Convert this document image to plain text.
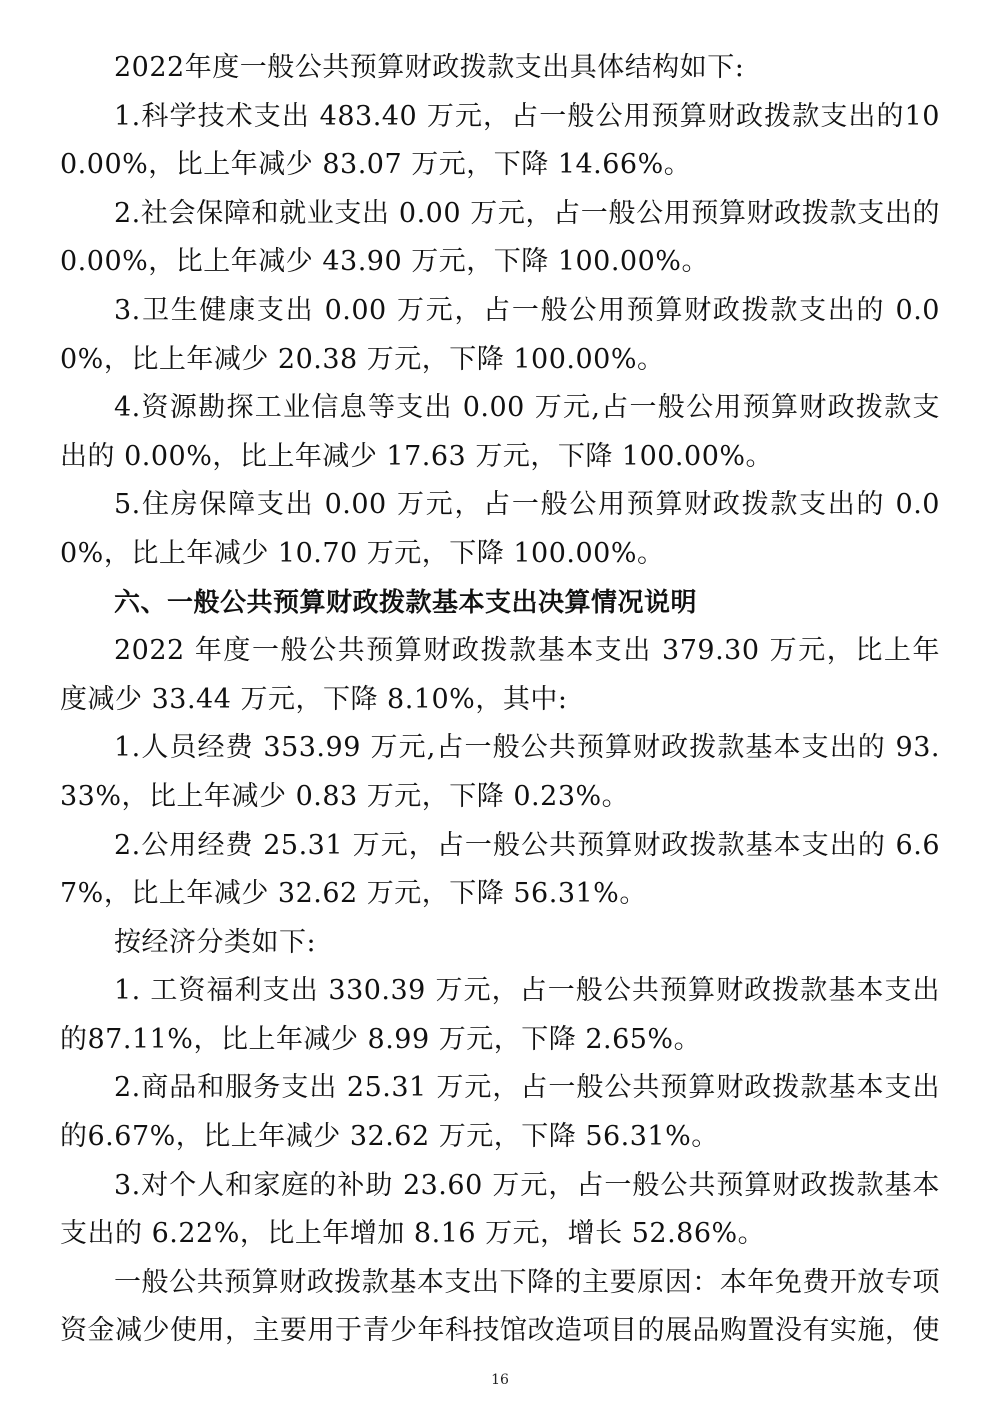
2022年度一般公共预算财政拨款支出具体结构如下:

1.科学技术支出 483.40 万元，占一般公用预算财政拨款支出的100.00%，比上年减少 83.07 万元，下降 14.66%。

2.社会保障和就业支出 0.00 万元，占一般公用预算财政拨款支出的0.00%，比上年减少 43.90 万元，下降 100.00%。

3.卫生健康支出 0.00 万元，占一般公用预算财政拨款支出的 0.00%，比上年减少 20.38 万元，下降 100.00%。

4.资源勘探工业信息等支出 0.00 万元,占一般公用预算财政拨款支出的 0.00%，比上年减少 17.63 万元，下降 100.00%。

5.住房保障支出 0.00 万元，占一般公用预算财政拨款支出的 0.00%，比上年减少 10.70 万元，下降 100.00%。

六、一般公共预算财政拨款基本支出决算情况说明

2022 年度一般公共预算财政拨款基本支出 379.30 万元，比上年度减少 33.44 万元，下降 8.10%，其中:

1.人员经费 353.99 万元,占一般公共预算财政拨款基本支出的 93.33%，比上年减少 0.83 万元，下降 0.23%。

2.公用经费 25.31 万元，占一般公共预算财政拨款基本支出的 6.67%，比上年减少 32.62 万元，下降 56.31%。

按经济分类如下:

1. 工资福利支出 330.39 万元，占一般公共预算财政拨款基本支出的87.11%，比上年减少 8.99 万元，下降 2.65%。

2.商品和服务支出 25.31 万元，占一般公共预算财政拨款基本支出的6.67%，比上年减少 32.62 万元，下降 56.31%。

3.对个人和家庭的补助 23.60 万元，占一般公共预算财政拨款基本支出的 6.22%，比上年增加 8.16 万元，增长 52.86%。

一般公共预算财政拨款基本支出下降的主要原因：本年免费开放专项资金减少使用，主要用于青少年科技馆改造项目的展品购置没有实施，使

16
